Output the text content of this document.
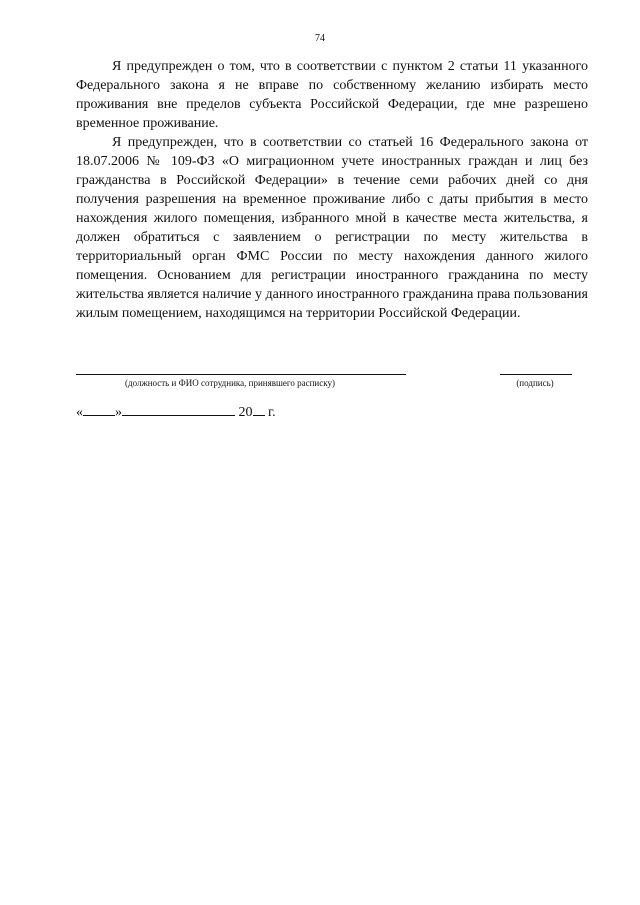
74

Я предупрежден о том, что в соответствии с пунктом 2 статьи 11 указанного Федерального закона я не вправе по собственному желанию избирать место проживания вне пределов субъекта Российской Федерации, где мне разрешено временное проживание.

Я предупрежден, что в соответствии со статьей 16 Федерального закона от 18.07.2006 № 109-ФЗ «О миграционном учете иностранных граждан и лиц без гражданства в Российской Федерации» в течение семи рабочих дней со дня получения разрешения на временное проживание либо с даты прибытия в место нахождения жилого помещения, избранного мной в качестве места жительства, я должен обратиться с заявлением о регистрации по месту жительства в территориальный орган ФМС России по месту нахождения данного жилого помещения. Основанием для регистрации иностранного гражданина по месту жительства является наличие у данного иностранного гражданина права пользования жилым помещением, находящимся на территории Российской Федерации.

(должность и ФИО сотрудника, принявшего расписку)	(подпись)
« »	20 г.
